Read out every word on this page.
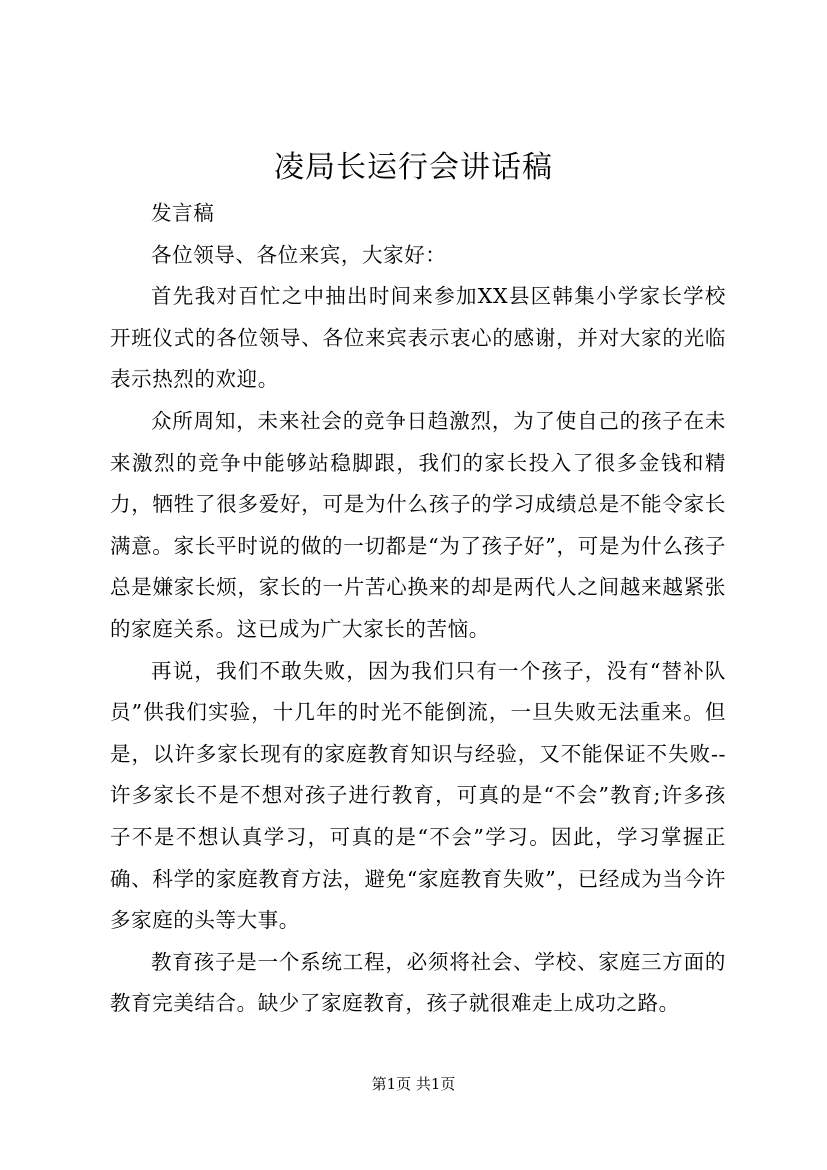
凌局长运行会讲话稿

发言稿

各位领导、各位来宾，大家好：

首先我对百忙之中抽出时间来参加XX县区韩集小学家长学校开班仪式的各位领导、各位来宾表示衷心的感谢，并对大家的光临表示热烈的欢迎。

众所周知，未来社会的竞争日趋激烈，为了使自己的孩子在未来激烈的竞争中能够站稳脚跟，我们的家长投入了很多金钱和精力，牺牲了很多爱好，可是为什么孩子的学习成绩总是不能令家长满意。家长平时说的做的一切都是“为了孩子好”，可是为什么孩子总是嫌家长烦，家长的一片苦心换来的却是两代人之间越来越紧张的家庭关系。这已成为广大家长的苦恼。

再说，我们不敢失败，因为我们只有一个孩子，没有“替补队员”供我们实验，十几年的时光不能倒流，一旦失败无法重来。但是，以许多家长现有的家庭教育知识与经验，又不能保证不失败--许多家长不是不想对孩子进行教育，可真的是“不会”教育;许多孩子不是不想认真学习，可真的是“不会”学习。因此，学习掌握正确、科学的家庭教育方法，避免“家庭教育失败”，已经成为当今许多家庭的头等大事。

教育孩子是一个系统工程，必须将社会、学校、家庭三方面的教育完美结合。缺少了家庭教育，孩子就很难走上成功之路。

第1页 共1页
